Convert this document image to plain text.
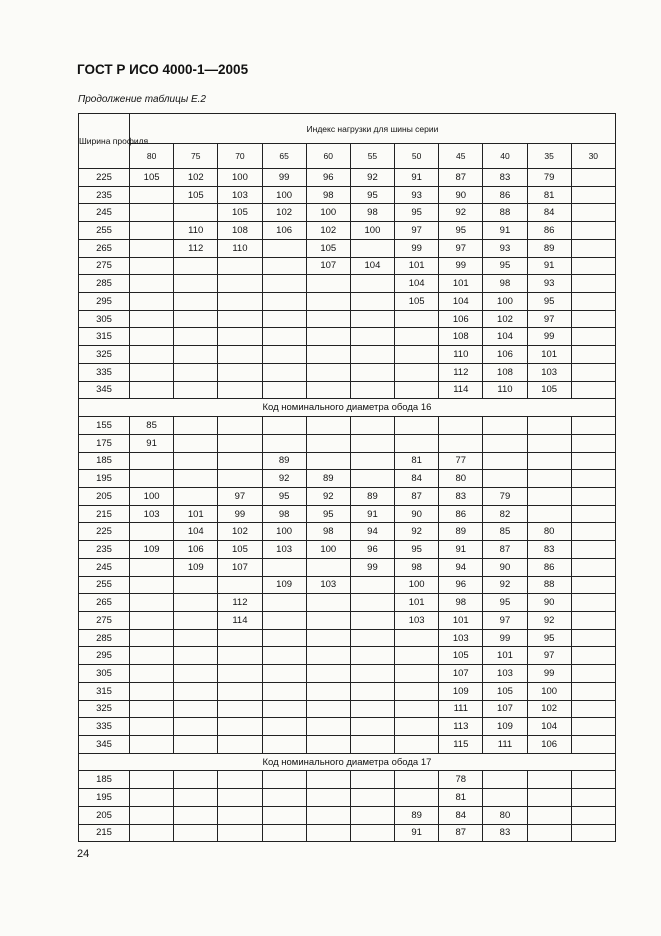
ГОСТ Р ИСО 4000-1—2005

Продолжение таблицы Е.2

Ширина профиля	Индекс нагрузки для шины серии										
	80	75	70	65	60	55	50	45	40	35	30
225	105	102	100	99	96	92	91	87	83	79	
235		105	103	100	98	95	93	90	86	81	
245			105	102	100	98	95	92	88	84	
255		110	108	106	102	100	97	95	91	86	
265		112	110		105		99	97	93	89	
275					107	104	101	99	95	91	
285							104	101	98	93	
295							105	104	100	95	
305								106	102	97	
315								108	104	99	
325								110	106	101	
335								112	108	103	
345								114	110	105	
Код номинального диаметра обода 16											
155	85										
175	91										
185				89			81	77			
195				92	89		84	80			
205	100		97	95	92	89	87	83	79		
215	103	101	99	98	95	91	90	86	82		
225		104	102	100	98	94	92	89	85	80	
235	109	106	105	103	100	96	95	91	87	83	
245		109	107			99	98	94	90	86	
255				109	103		100	96	92	88	
265			112				101	98	95	90	
275			114				103	101	97	92	
285								103	99	95	
295								105	101	97	
305								107	103	99	
315								109	105	100	
325								111	107	102	
335								113	109	104	
345								115	111	106	
Код номинального диаметра обода 17											
185								78			
195								81			
205							89	84	80		
215							91	87	83		
24
